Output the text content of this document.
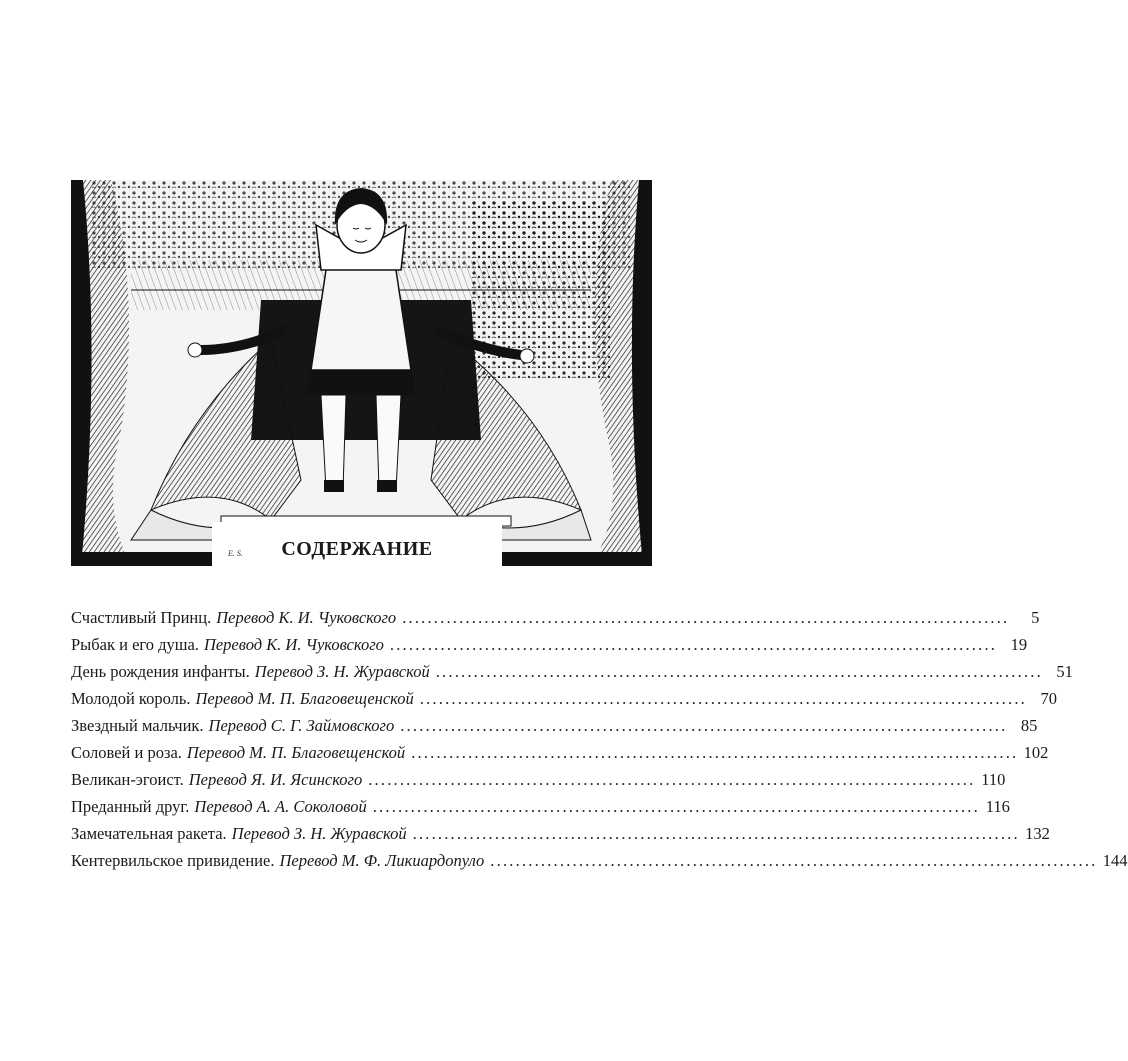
E. S.	СОДЕРЖАНИЕ
Счастливый Принц. Перевод К. И. Чуковского ................................................................................................	5
Рыбак и его душа. Перевод К. И. Чуковского ................................................................................................ 19
День рождения инфанты. Перевод З. Н. Журавской ................................................................................................ 51
Молодой король. Перевод М. П. Благовещенской ................................................................................................ 70
Звездный мальчик. Перевод С. Г. Займовского ................................................................................................ 85
Соловей и роза. Перевод М. П. Благовещенской ................................................................................................ 102
Великан-эгоист. Перевод Я. И. Ясинского ................................................................................................ 110
Преданный друг. Перевод А. А. Соколовой ................................................................................................ 116
Замечательная ракета. Перевод З. Н. Журавской ................................................................................................ 132
Кентервильское привидение. Перевод М. Ф. Ликиардопуло ................................................................................................ 144
